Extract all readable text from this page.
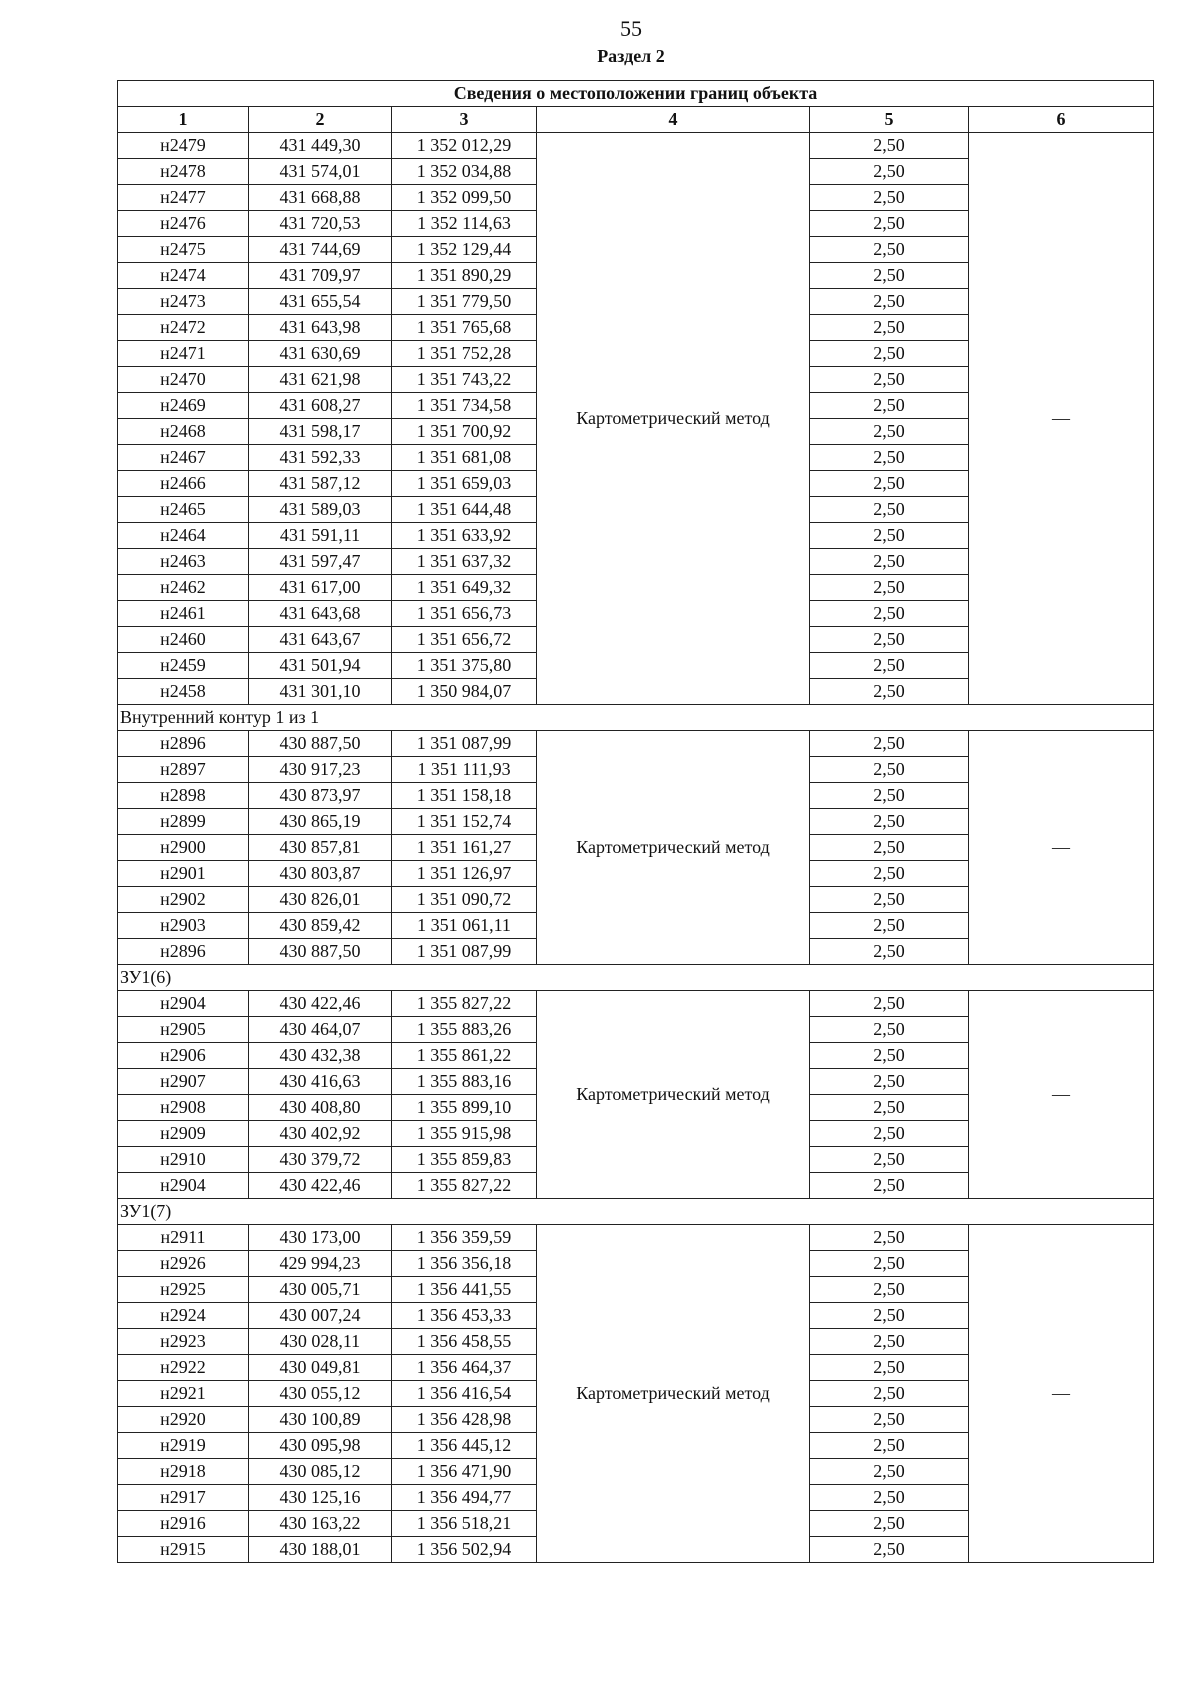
55
Раздел 2
Сведения о местоположении границ объекта					
1	2	3	4	5	6
н2479	431 449,30	1 352 012,29	Картометрический метод	2,50	—
н2478	431 574,01	1 352 034,88		2,50	
н2477	431 668,88	1 352 099,50		2,50	
н2476	431 720,53	1 352 114,63		2,50	
н2475	431 744,69	1 352 129,44		2,50	
н2474	431 709,97	1 351 890,29		2,50	
н2473	431 655,54	1 351 779,50		2,50	
н2472	431 643,98	1 351 765,68		2,50	
н2471	431 630,69	1 351 752,28		2,50	
н2470	431 621,98	1 351 743,22		2,50	
н2469	431 608,27	1 351 734,58		2,50	
н2468	431 598,17	1 351 700,92		2,50	
н2467	431 592,33	1 351 681,08		2,50	
н2466	431 587,12	1 351 659,03		2,50	
н2465	431 589,03	1 351 644,48		2,50	
н2464	431 591,11	1 351 633,92		2,50	
н2463	431 597,47	1 351 637,32		2,50	
н2462	431 617,00	1 351 649,32		2,50	
н2461	431 643,68	1 351 656,73		2,50	
н2460	431 643,67	1 351 656,72		2,50	
н2459	431 501,94	1 351 375,80		2,50	
н2458	431 301,10	1 350 984,07		2,50	
Внутренний контур 1 из 1					
н2896	430 887,50	1 351 087,99	Картометрический метод	2,50	—
н2897	430 917,23	1 351 111,93		2,50	
н2898	430 873,97	1 351 158,18		2,50	
н2899	430 865,19	1 351 152,74		2,50	
н2900	430 857,81	1 351 161,27		2,50	
н2901	430 803,87	1 351 126,97		2,50	
н2902	430 826,01	1 351 090,72		2,50	
н2903	430 859,42	1 351 061,11		2,50	
н2896	430 887,50	1 351 087,99		2,50	
ЗУ1(6)					
н2904	430 422,46	1 355 827,22	Картометрический метод	2,50	—
н2905	430 464,07	1 355 883,26		2,50	
н2906	430 432,38	1 355 861,22		2,50	
н2907	430 416,63	1 355 883,16		2,50	
н2908	430 408,80	1 355 899,10		2,50	
н2909	430 402,92	1 355 915,98		2,50	
н2910	430 379,72	1 355 859,83		2,50	
н2904	430 422,46	1 355 827,22		2,50	
ЗУ1(7)					
н2911	430 173,00	1 356 359,59	Картометрический метод	2,50	—
н2926	429 994,23	1 356 356,18		2,50	
н2925	430 005,71	1 356 441,55		2,50	
н2924	430 007,24	1 356 453,33		2,50	
н2923	430 028,11	1 356 458,55		2,50	
н2922	430 049,81	1 356 464,37		2,50	
н2921	430 055,12	1 356 416,54		2,50	
н2920	430 100,89	1 356 428,98		2,50	
н2919	430 095,98	1 356 445,12		2,50	
н2918	430 085,12	1 356 471,90		2,50	
н2917	430 125,16	1 356 494,77		2,50	
н2916	430 163,22	1 356 518,21		2,50	
н2915	430 188,01	1 356 502,94		2,50	
